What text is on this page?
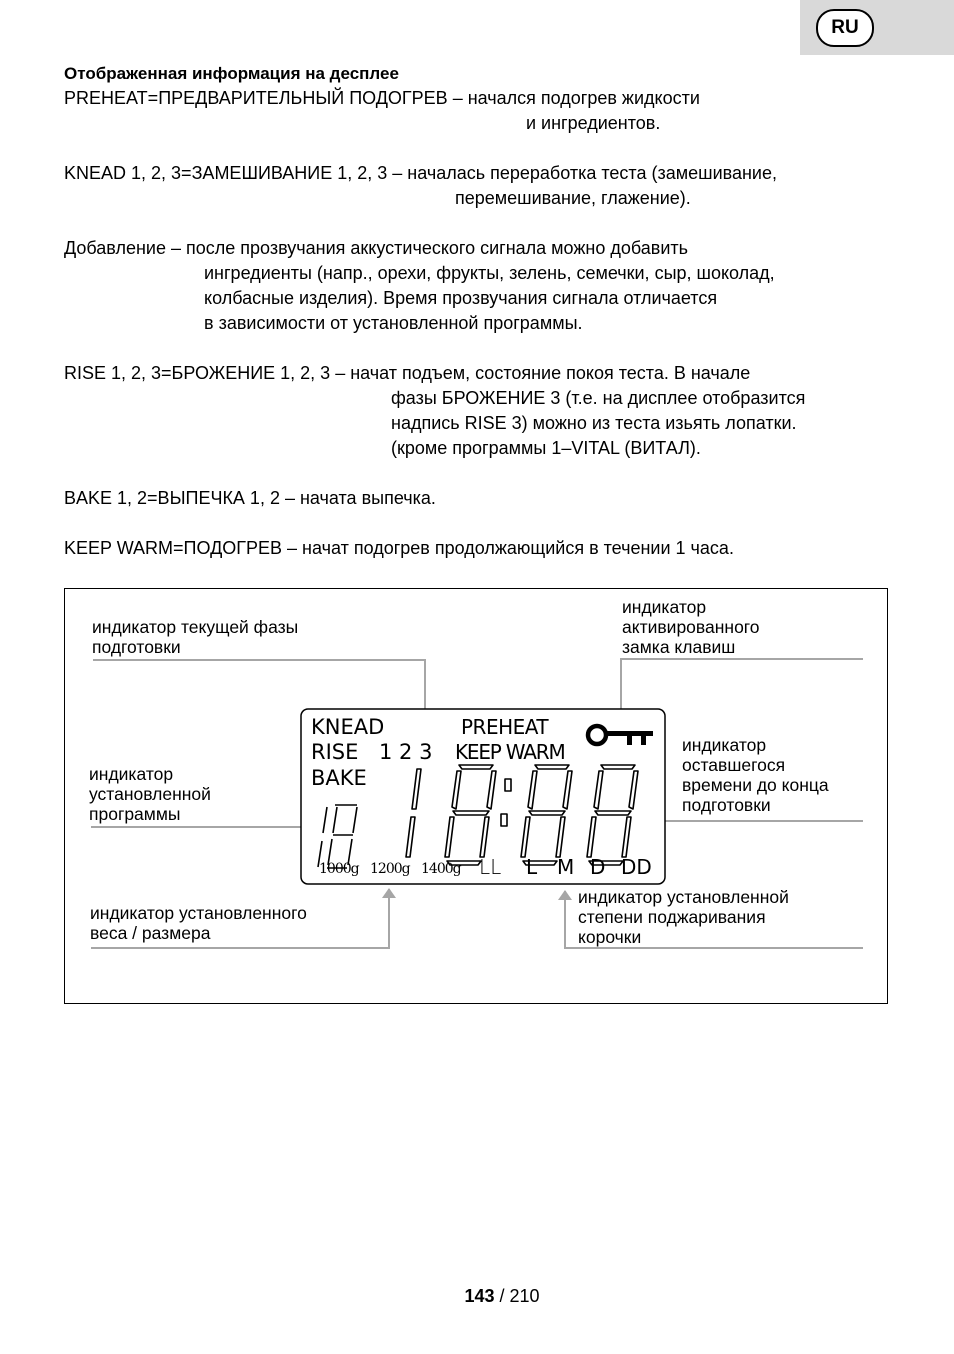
RU
Отображенная информация на десплее
PREHEAT=ПРЕДВАРИТЕЛЬНЫЙ ПОДОГРЕВ – начался подогрев жидкости
и ингредиентов.
KNEAD 1, 2, 3=ЗАМЕШИВАНИЕ 1, 2, 3 – началась переработка теста (замешивание,
перемешивание, глажение).
Добавление – после прозвучания аккустического сигнала можно добавить
ингредиенты (напр., орехи, фрукты, зелень, семечки, сыр, шоколад,
колбасные изделия). Время прозвучания сигнала отличается
в зависимости от установленной программы.
RISE 1, 2, 3=БРОЖЕНИЕ 1, 2, 3 – начат подъем, состояние покоя теста. В начале
фазы БРОЖЕНИЕ 3 (т.е. на дисплее отобразится
надпись RISE 3) можно из теста изьять лопатки.
(кроме программы 1–VITAL (ВИТАЛ).
BAKE 1, 2=ВЫПЕЧКА 1, 2 – начата выпечка.
KEEP WARM=ПОДОГРЕВ – начат подогрев продолжающийся в течении 1 часа.
KNEAD	PREHEAT
RISE 1 2 3 KEEP WARM
BAKE
1000g 1200g 1400g LL L M D DD
индикатор текущей фазы
подготовки
индикатор
активированного
замка клавиш
индикатор
установленной
программы
индикатор
оставшегося
времени до конца
подготовки
индикатор установленного
веса / размера
индикатор установленной
степени поджаривания
корочки
143 / 210
